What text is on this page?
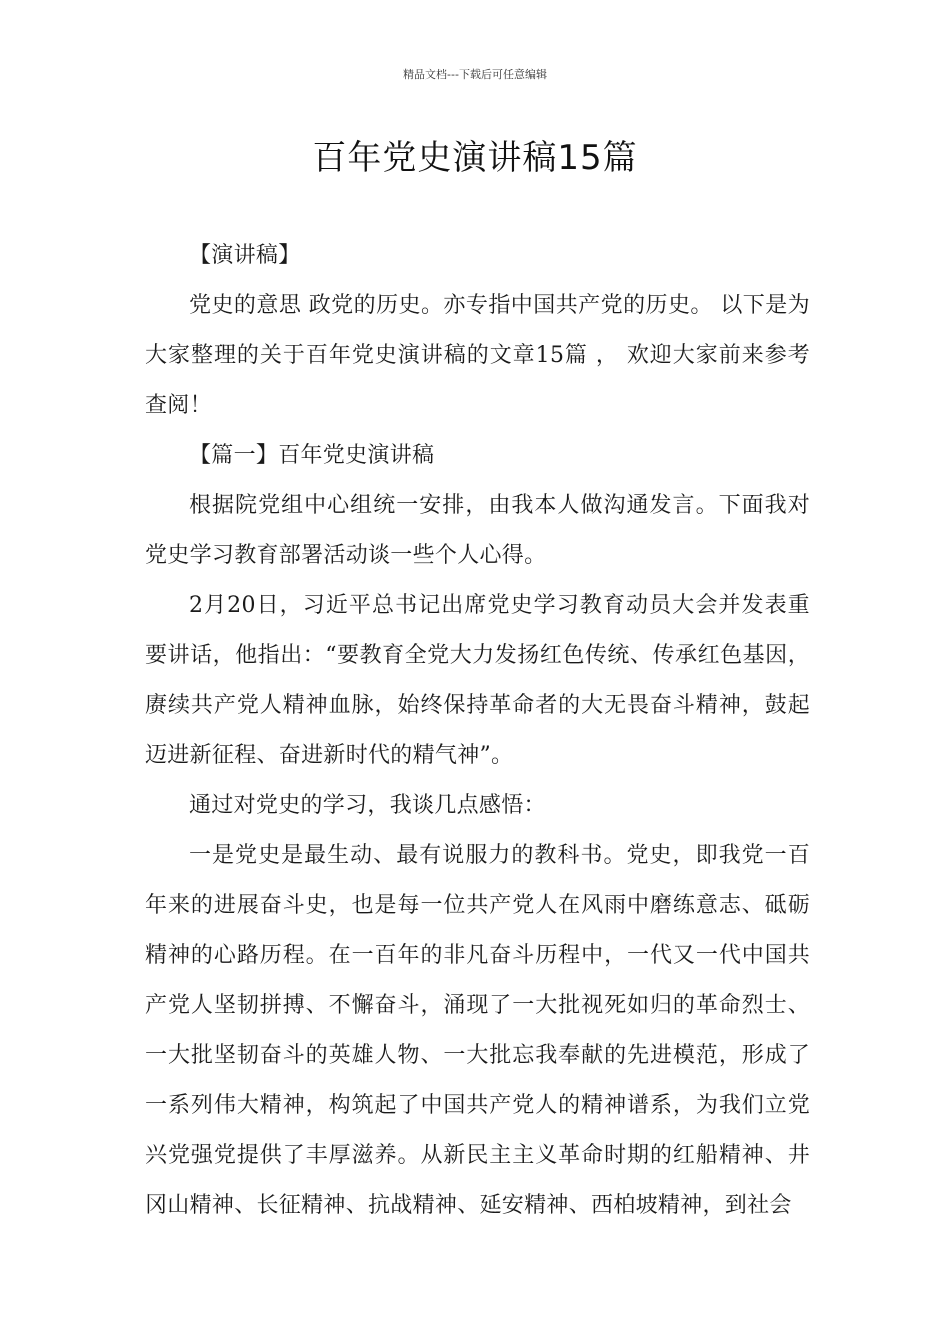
精品文档---下载后可任意编辑
百年党史演讲稿15篇

【演讲稿】

党史的意思 政党的历史。亦专指中国共产党的历史。 以下是为大家整理的关于百年党史演讲稿的文章15篇 ， 欢迎大家前来参考查阅！

【篇一】百年党史演讲稿

根据院党组中心组统一安排，由我本人做沟通发言。下面我对党史学习教育部署活动谈一些个人心得。

2月20日，习近平总书记出席党史学习教育动员大会并发表重要讲话，他指出：“要教育全党大力发扬红色传统、传承红色基因，赓续共产党人精神血脉，始终保持革命者的大无畏奋斗精神，鼓起迈进新征程、奋进新时代的精气神”。

通过对党史的学习，我谈几点感悟：

一是党史是最生动、最有说服力的教科书。党史，即我党一百年来的进展奋斗史，也是每一位共产党人在风雨中磨练意志、砥砺精神的心路历程。在一百年的非凡奋斗历程中，一代又一代中国共产党人坚韧拼搏、不懈奋斗，涌现了一大批视死如归的革命烈士、一大批坚韧奋斗的英雄人物、一大批忘我奉献的先进模范，形成了一系列伟大精神，构筑起了中国共产党人的精神谱系，为我们立党兴党强党提供了丰厚滋养。从新民主主义革命时期的红船精神、井冈山精神、长征精神、抗战精神、延安精神、西柏坡精神，到社会
